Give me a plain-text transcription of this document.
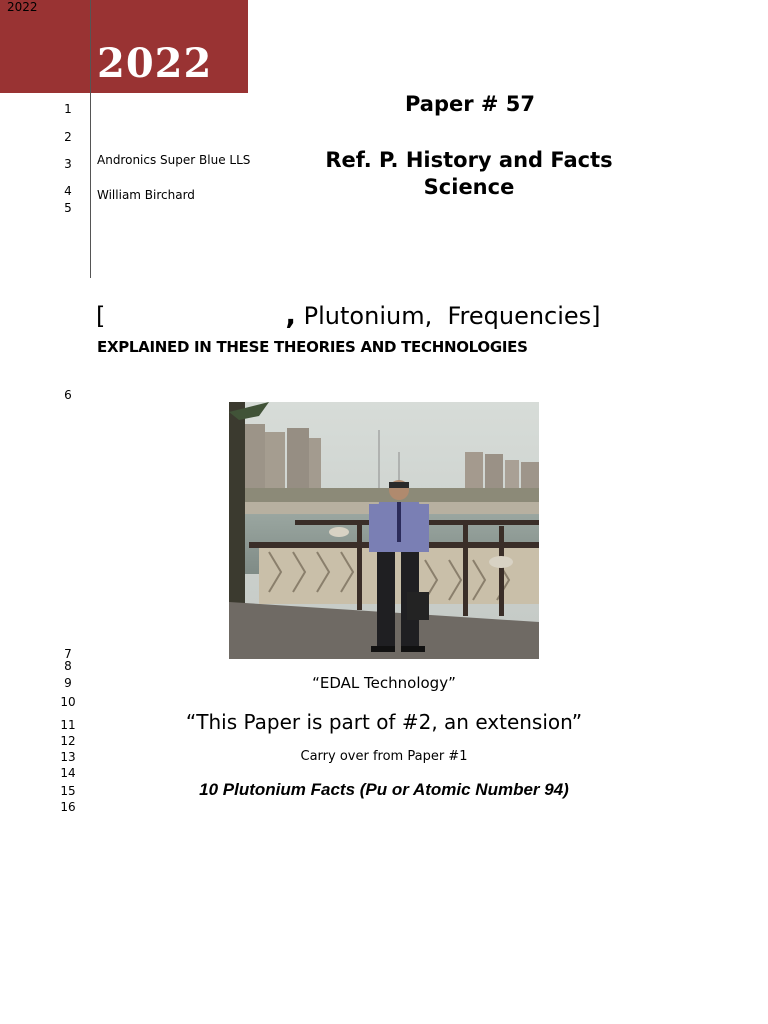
2022
2022
1
2
3
4
5
6
7
8
9
10
11
12
13
14
15
16
Paper # 57
Ref. P. History and Facts
Science
Andronics Super Blue LLS
William Birchard
[	, Plutonium,  Frequencies]
EXPLAINED IN THESE THEORIES AND TECHNOLOGIES
“EDAL Technology”
“This Paper is part of #2, an extension”
Carry over from Paper #1
10 Plutonium Facts (Pu or Atomic Number 94)
